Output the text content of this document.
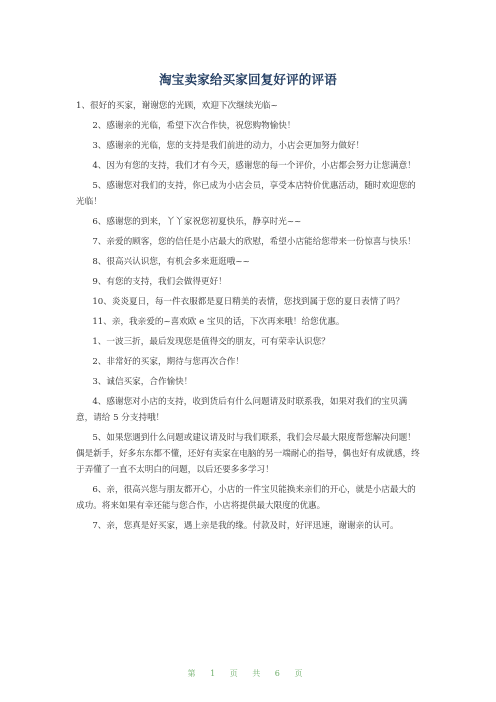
淘宝卖家给买家回复好评的评语

1、很好的买家，谢谢您的光顾，欢迎下次继续光临~

2、感谢亲的光临，希望下次合作快，祝您购物愉快！

3、感谢亲的光临，您的支持是我们前进的动力，小店会更加努力做好！

4、因为有您的支持，我们才有今天，感谢您的每一个评价，小店都会努力让您满意！

5、感谢您对我们的支持，你已成为小店会员，享受本店特价优惠活动，随时欢迎您的光临！

6、感谢您的到来，丫丫家祝您初夏快乐，静享时光~~

7、亲爱的顾客，您的信任是小店最大的欣慰，希望小店能给您带来一份惊喜与快乐！

8、很高兴认识您，有机会多来逛逛哦~~

9、有您的支持，我们会做得更好！

10、炎炎夏日，每一件衣服都是夏日精美的表情，您找到属于您的夏日表情了吗？

11、亲，我亲爱的~喜欢欧 e 宝贝的话，下次再来哦！给您优惠。

1、一波三折，最后发现您是值得交的朋友，可有荣幸认识您？

2、非常好的买家，期待与您再次合作！

3、诚信买家，合作愉快！

4、感谢您对小店的支持，收到货后有什么问题请及时联系我，如果对我们的宝贝满意，请给 5 分支持哦！

5、如果您遇到什么问题或建议请及时与我们联系，我们会尽最大限度帮您解决问题！偶是新手，好多东东都不懂，还好有卖家在电脑的另一端耐心的指导，偶也好有成就感，终于弄懂了一直不太明白的问题，以后还要多多学习！

6、亲，很高兴您与朋友都开心，小店的一件宝贝能换来亲们的开心，就是小店最大的成功。将来如果有幸还能与您合作，小店将提供最大限度的优惠。

7、亲，您真是好买家，遇上亲是我的缘。付款及时，好评迅速，谢谢亲的认可。

第 1 页 共 6 页
